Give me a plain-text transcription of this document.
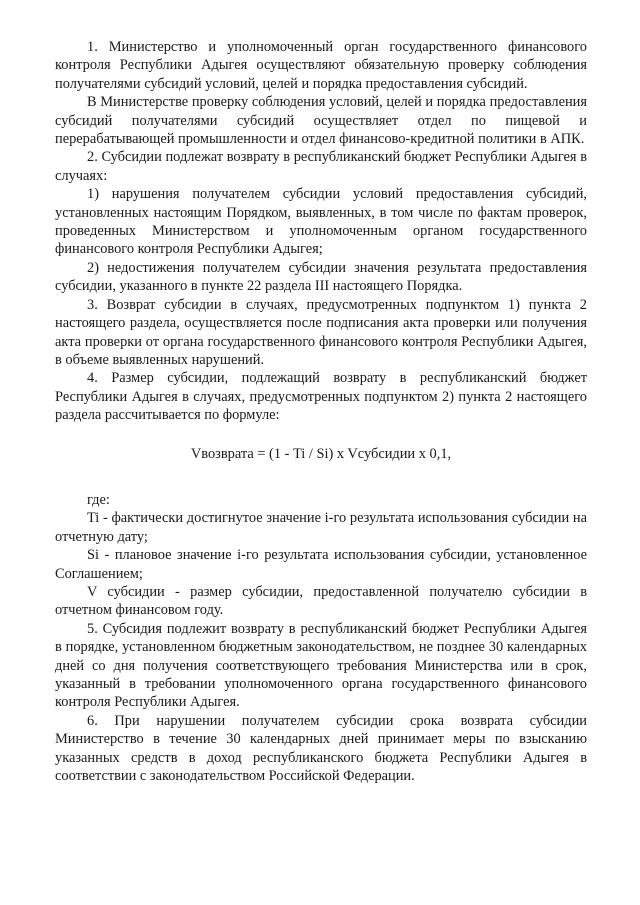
1. Министерство и уполномоченный орган государственного финансового контроля Республики Адыгея осуществляют обязательную проверку соблюдения получателями субсидий условий, целей и порядка предоставления субсидий.

В Министерстве проверку соблюдения условий, целей и порядка предоставления субсидий получателями субсидий осуществляет отдел по пищевой и перерабатывающей промышленности и отдел финансово-кредитной политики в АПК.

2. Субсидии подлежат возврату в республиканский бюджет Республики Адыгея в случаях:

1) нарушения получателем субсидии условий предоставления субсидий, установленных настоящим Порядком, выявленных, в том числе по фактам проверок, проведенных Министерством и уполномоченным органом государственного финансового контроля Республики Адыгея;

2) недостижения получателем субсидии значения результата предоставления субсидии, указанного в пункте 22 раздела III настоящего Порядка.

3. Возврат субсидии в случаях, предусмотренных подпунктом 1) пункта 2 настоящего раздела, осуществляется после подписания акта проверки или получения акта проверки от органа государственного финансового контроля Республики Адыгея, в объеме выявленных нарушений.

4. Размер субсидии, подлежащий возврату в республиканский бюджет Республики Адыгея в случаях, предусмотренных подпунктом 2) пункта 2 настоящего раздела рассчитывается по формуле:

Vвозврата = (1 - Ti / Si) x Vсубсидии x 0,1,

где:

Ti - фактически достигнутое значение i-го результата использования субсидии на отчетную дату;

Si - плановое значение i-го результата использования субсидии, установленное Соглашением;

V субсидии - размер субсидии, предоставленной получателю субсидии в отчетном финансовом году.

5. Субсидия подлежит возврату в республиканский бюджет Республики Адыгея в порядке, установленном бюджетным законодательством, не позднее 30 календарных дней со дня получения соответствующего требования Министерства или в срок, указанный в требовании уполномоченного органа государственного финансового контроля Республики Адыгея.

6. При нарушении получателем субсидии срока возврата субсидии Министерство в течение 30 календарных дней принимает меры по взысканию указанных средств в доход республиканского бюджета Республики Адыгея в соответствии с законодательством Российской Федерации.
